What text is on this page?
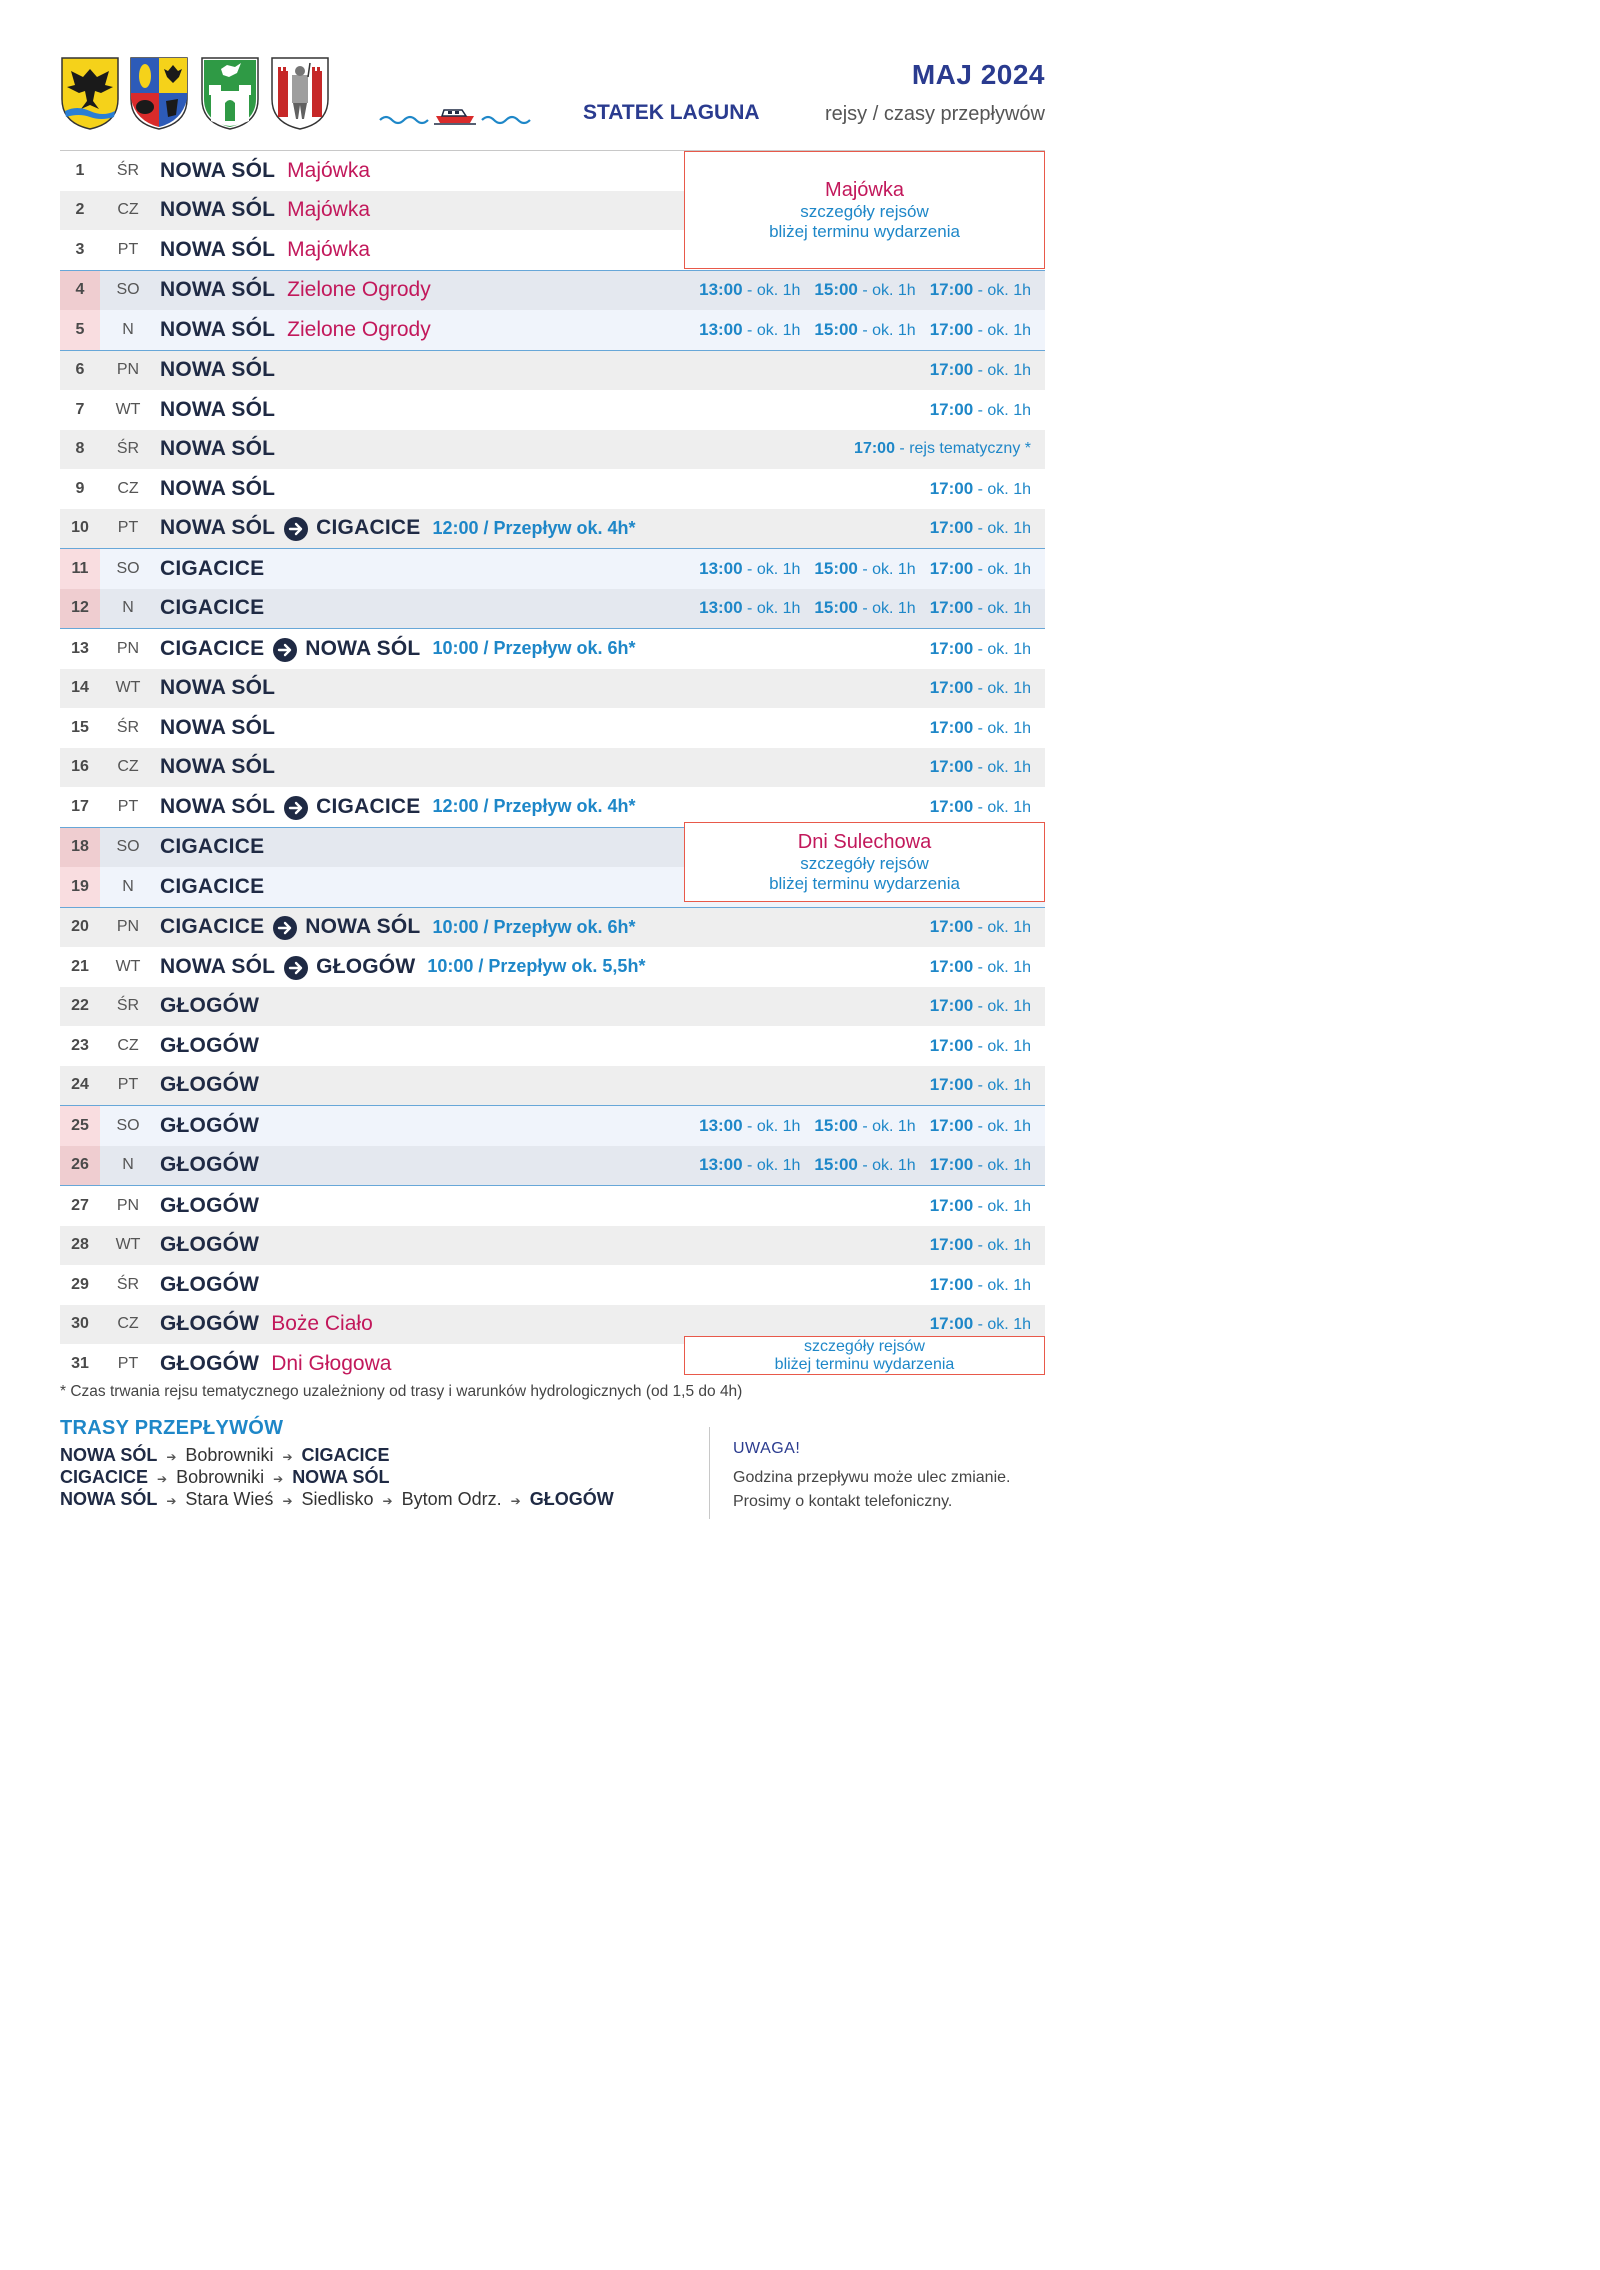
MAJ 2024
STATEK LAGUNA	rejsy / czasy przepływów
1	ŚR NOWA SÓL Majówka
2	CZ	NOWA SÓL Majówka
3	PT	NOWA SÓL Majówka
4	SO NOWA SÓL Zielone Ogrody	13:00 - ok. 1h 15:00 - ok. 1h 17:00 - ok. 1h
5	N	NOWA SÓL Zielone Ogrody	13:00 - ok. 1h 15:00 - ok. 1h 17:00 - ok. 1h
6	PN NOWA SÓL	17:00 - ok. 1h
7	WT NOWA SÓL	17:00 - ok. 1h
8	ŚR NOWA SÓL	17:00 - rejs tematyczny *
9	CZ	NOWA SÓL	17:00 - ok. 1h
10	PT	NOWA SÓL CIGACICE 12:00 / Przepływ ok. 4h*	17:00 - ok. 1h
11	SO CIGACICE	13:00 - ok. 1h 15:00 - ok. 1h 17:00 - ok. 1h
12	N	CIGACICE	13:00 - ok. 1h 15:00 - ok. 1h 17:00 - ok. 1h
13	PN CIGACICE NOWA SÓL 10:00 / Przepływ ok. 6h*	17:00 - ok. 1h
14	WT NOWA SÓL	17:00 - ok. 1h
15	ŚR NOWA SÓL	17:00 - ok. 1h
16	CZ	NOWA SÓL	17:00 - ok. 1h
17	PT	NOWA SÓL CIGACICE 12:00 / Przepływ ok. 4h*	17:00 - ok. 1h
18	SO CIGACICE
19	N	CIGACICE
20	PN CIGACICE NOWA SÓL 10:00 / Przepływ ok. 6h*	17:00 - ok. 1h
21	WT NOWA SÓL GŁOGÓW 10:00 / Przepływ ok. 5,5h*	17:00 - ok. 1h
22	ŚR GŁOGÓW	17:00 - ok. 1h
23	CZ	GŁOGÓW	17:00 - ok. 1h
24	PT	GŁOGÓW	17:00 - ok. 1h
25	SO GŁOGÓW	13:00 - ok. 1h 15:00 - ok. 1h 17:00 - ok. 1h
26	N	GŁOGÓW	13:00 - ok. 1h 15:00 - ok. 1h 17:00 - ok. 1h
27	PN GŁOGÓW	17:00 - ok. 1h
28	WT GŁOGÓW	17:00 - ok. 1h
29	ŚR GŁOGÓW	17:00 - ok. 1h
30	CZ	GŁOGÓW Boże Ciało	17:00 - ok. 1h
31	PT	GŁOGÓW Dni Głogowa
Majówka
szczegóły rejsów
bliżej terminu wydarzenia
Dni Sulechowa
szczegóły rejsów
bliżej terminu wydarzenia
szczegóły rejsów
bliżej terminu wydarzenia
* Czas trwania rejsu tematycznego uzależniony od trasy i warunków hydrologicznych (od 1,5 do 4h)
TRASY PRZEPŁYWÓW
NOWA SÓL ➔ Bobrowniki ➔ CIGACICE
CIGACICE ➔ Bobrowniki ➔ NOWA SÓL
NOWA SÓL ➔ Stara Wieś ➔ Siedlisko ➔ Bytom Odrz. ➔ GŁOGÓW
UWAGA!
Godzina przepływu może ulec zmianie.
Prosimy o kontakt telefoniczny.
